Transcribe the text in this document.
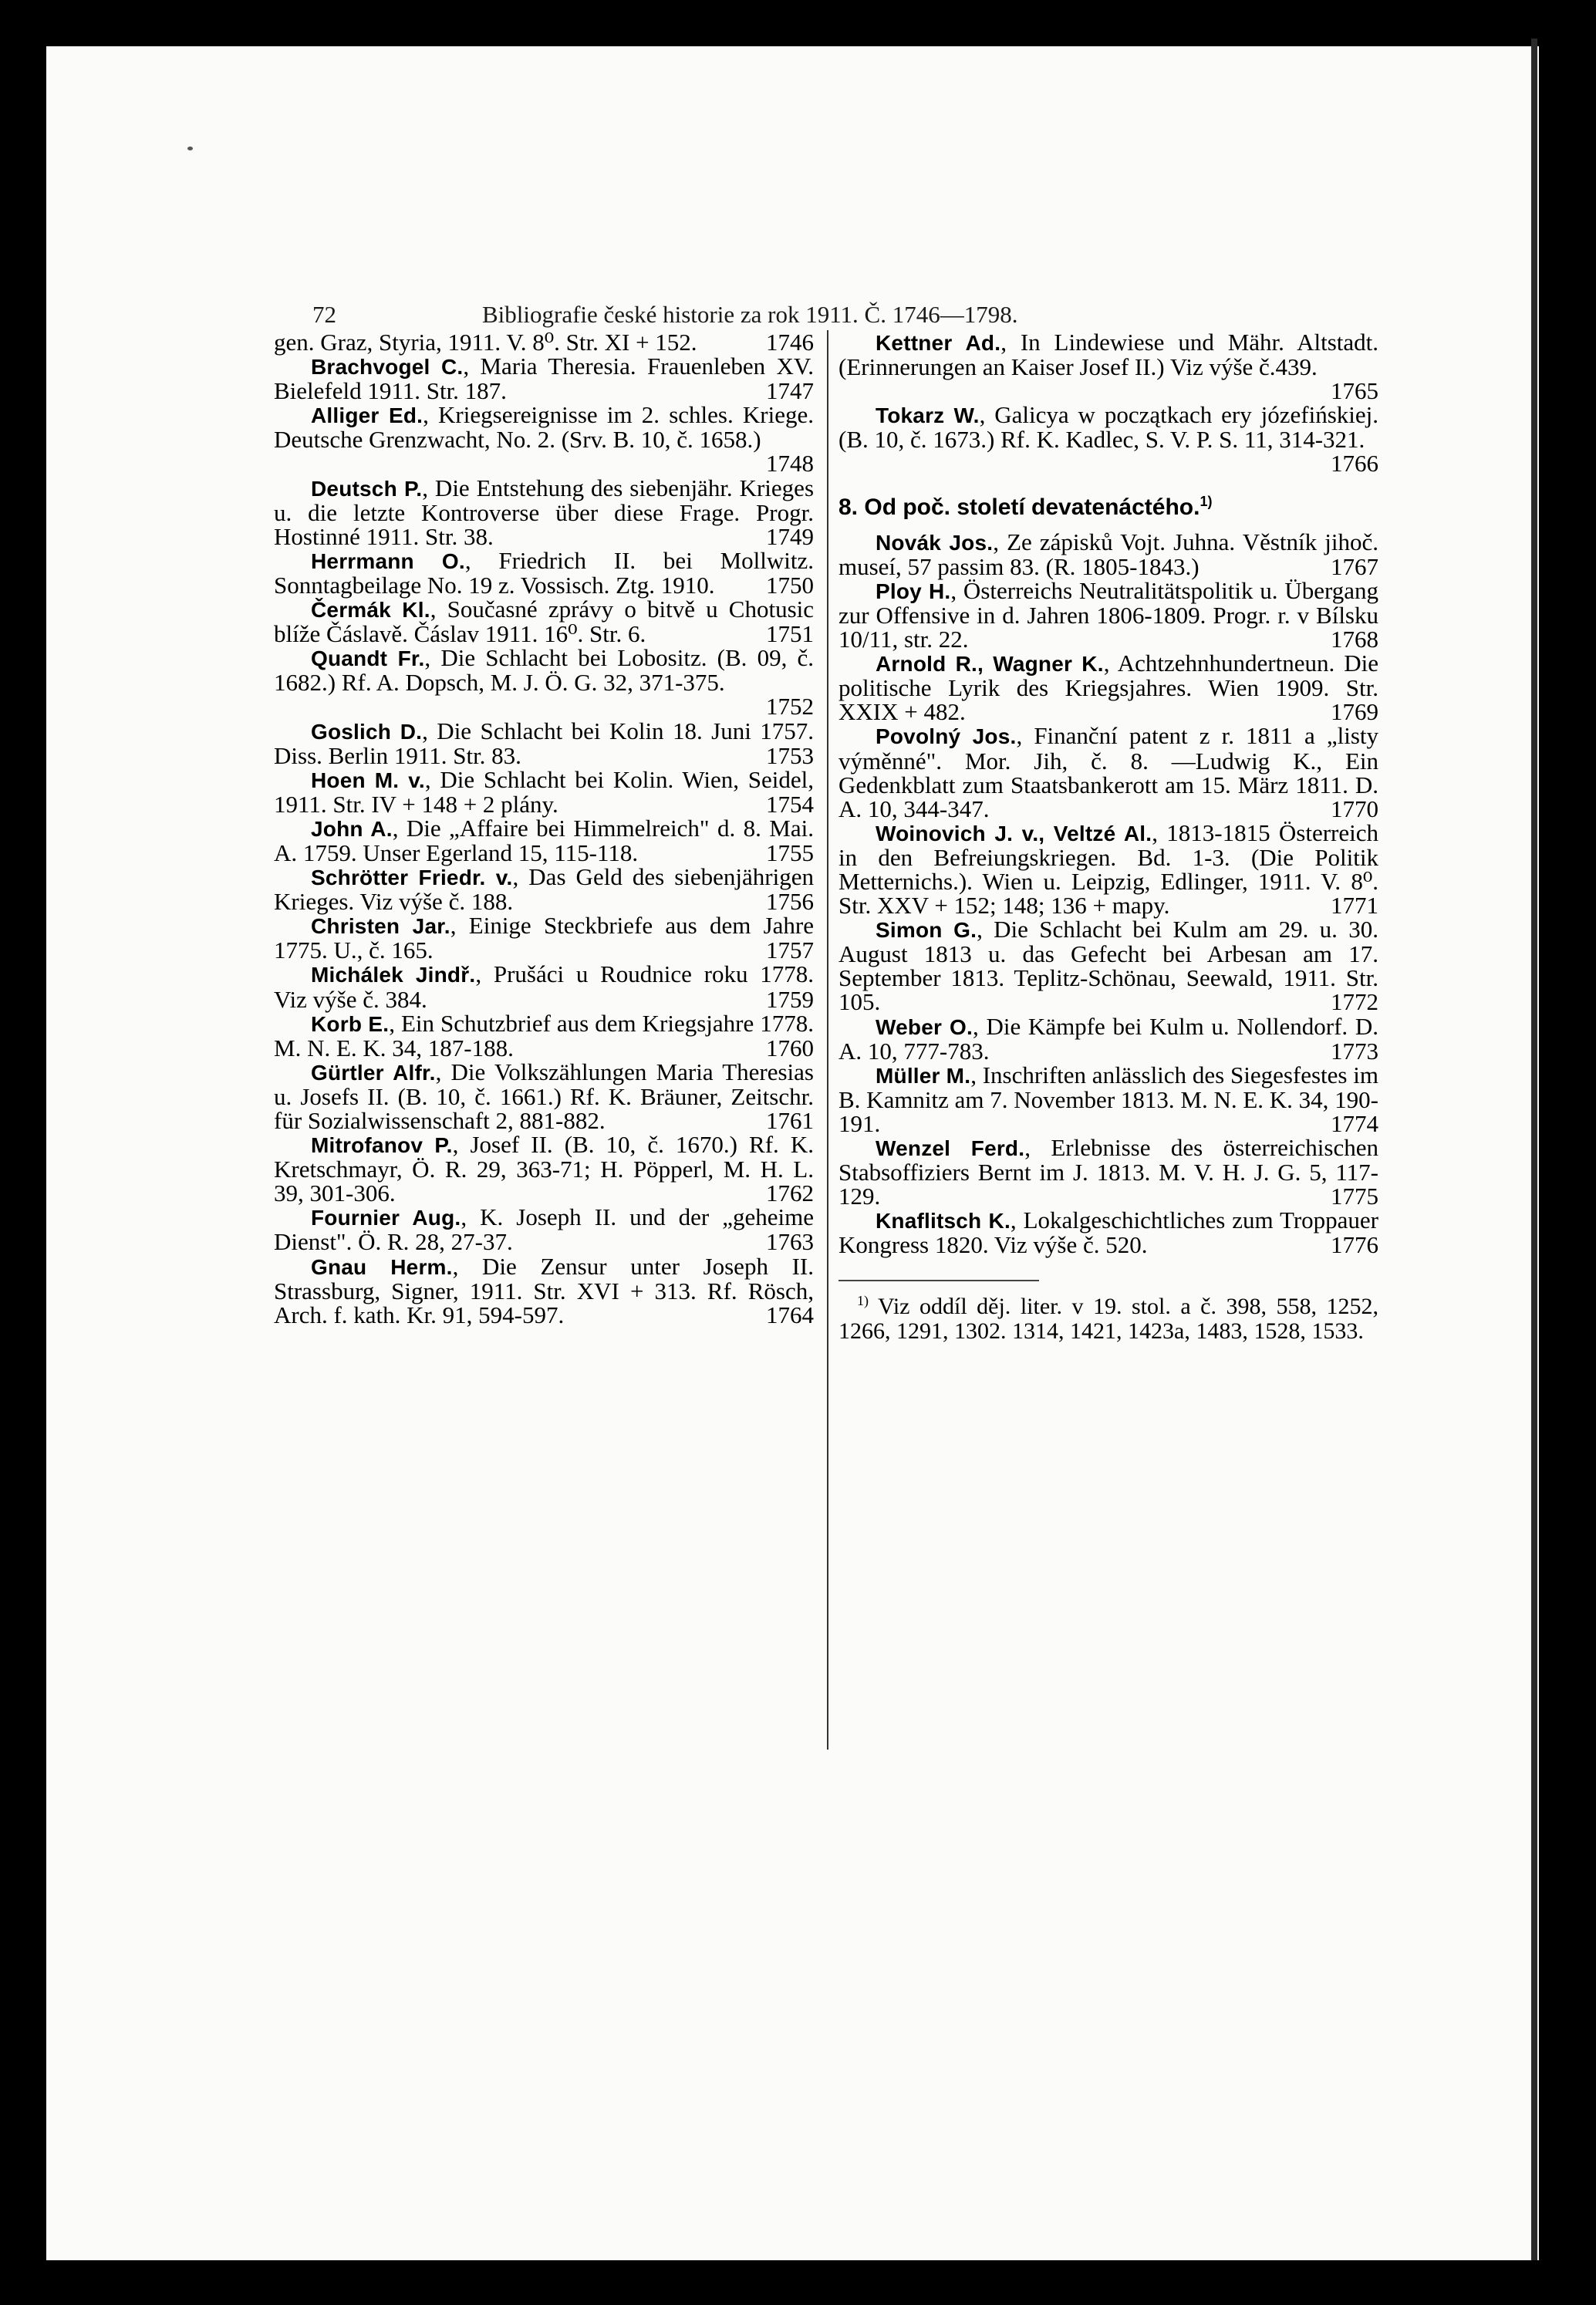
72	Bibliografie české historie za rok 1911. Č. 1746—1798.

gen. Graz, Styria, 1911. V. 8⁰. Str. XI + 152.	1746

Brachvogel C., Maria Theresia. Frauenleben XV. Bielefeld 1911. Str. 187.	1747

Alliger Ed., Kriegsereignisse im 2. schles. Kriege. Deutsche Grenzwacht, No. 2. (Srv. B. 10, č. 1658.)
1748

Deutsch P., Die Entstehung des siebenjähr. Krieges u. die letzte Kontroverse über diese Frage. Progr. Hostinné 1911. Str. 38.	1749

Herrmann O., Friedrich II. bei Mollwitz. Sonntagbeilage No. 19 z. Vossisch. Ztg. 1910.	1750

Čermák Kl., Současné zprávy o bitvě u Chotusic blíže Čáslavě. Čáslav 1911. 16⁰. Str. 6.	1751

Quandt Fr., Die Schlacht bei Lobositz. (B. 09, č. 1682.) Rf. A. Dopsch, M. J. Ö. G. 32, 371-375.
1752

Goslich D., Die Schlacht bei Kolin 18. Juni 1757. Diss. Berlin 1911. Str. 83.	1753

Hoen M. v., Die Schlacht bei Kolin. Wien, Seidel, 1911. Str. IV + 148 + 2 plány.	1754

John A., Die „Affaire bei Himmelreich" d. 8. Mai. A. 1759. Unser Egerland 15, 115-118.	1755

Schrötter Friedr. v., Das Geld des siebenjährigen Krieges. Viz výše č. 188.	1756

Christen Jar., Einige Steckbriefe aus dem Jahre 1775. U., č. 165.	1757

Michálek Jindř., Prušáci u Roudnice roku 1778. Viz výše č. 384.	1759

Korb E., Ein Schutzbrief aus dem Kriegsjahre 1778. M. N. E. K. 34, 187-188.	1760

Gürtler Alfr., Die Volkszählungen Maria Theresias u. Josefs II. (B. 10, č. 1661.) Rf. K. Bräuner, Zeitschr. für Sozialwissenschaft 2, 881-882.	1761

Mitrofanov P., Josef II. (B. 10, č. 1670.) Rf. K. Kretschmayr, Ö. R. 29, 363-71; H. Pöpperl, M. H. L. 39, 301-306.	1762

Fournier Aug., K. Joseph II. und der „geheime Dienst". Ö. R. 28, 27-37.	1763

Gnau Herm., Die Zensur unter Joseph II. Strassburg, Signer, 1911. Str. XVI + 313. Rf. Rösch, Arch. f. kath. Kr. 91, 594-597.	1764

Kettner Ad., In Lindewiese und Mähr. Altstadt. (Erinnerungen an Kaiser Josef II.) Viz výše č.439.
1765

Tokarz W., Galicya w początkach ery józefińskiej. (B. 10, č. 1673.) Rf. K. Kadlec, S. V. P. S. 11, 314-321.
1766

8. Od poč. století devatenáctého.$^{1)}$

Novák Jos., Ze zápisků Vojt. Juhna. Věstník jihoč. museí, 57 passim 83. (R. 1805-1843.)	1767

Ploy H., Österreichs Neutralitätspolitik u. Übergang zur Offensive in d. Jahren 1806-1809. Progr. r. v Bílsku 10/11, str. 22.	1768

Arnold R., Wagner K., Achtzehnhundertneun. Die politische Lyrik des Kriegsjahres. Wien 1909. Str. XXIX + 482.	1769

Povolný Jos., Finanční patent z r. 1811 a „listy výměnné". Mor. Jih, č. 8. —Ludwig K., Ein Gedenkblatt zum Staatsbankerott am 15. März 1811. D. A. 10, 344-347.	1770

Woinovich J. v., Veltzé Al., 1813-1815 Österreich in den Befreiungskriegen. Bd. 1-3. (Die Politik Metternichs.). Wien u. Leipzig, Edlinger, 1911. V. 8⁰. Str. XXV + 152; 148; 136 + mapy.	1771

Simon G., Die Schlacht bei Kulm am 29. u. 30. August 1813 u. das Gefecht bei Arbesan am 17. September 1813. Teplitz-Schönau, Seewald, 1911. Str. 105.	1772

Weber O., Die Kämpfe bei Kulm u. Nollendorf. D. A. 10, 777-783.	1773

Müller M., Inschriften anlässlich des Siegesfestes im B. Kamnitz am 7. November 1813. M. N. E. K. 34, 190-191.	1774

Wenzel Ferd., Erlebnisse des österreichischen Stabsoffiziers Bernt im J. 1813. M. V. H. J. G. 5, 117-129.	1775

Knaflitsch K., Lokalgeschichtliches zum Troppauer Kongress 1820. Viz výše č. 520.	1776

$^{1)}$ Viz oddíl děj. liter. v 19. stol. a č. 398, 558, 1252, 1266, 1291, 1302. 1314, 1421, 1423a, 1483, 1528, 1533.
